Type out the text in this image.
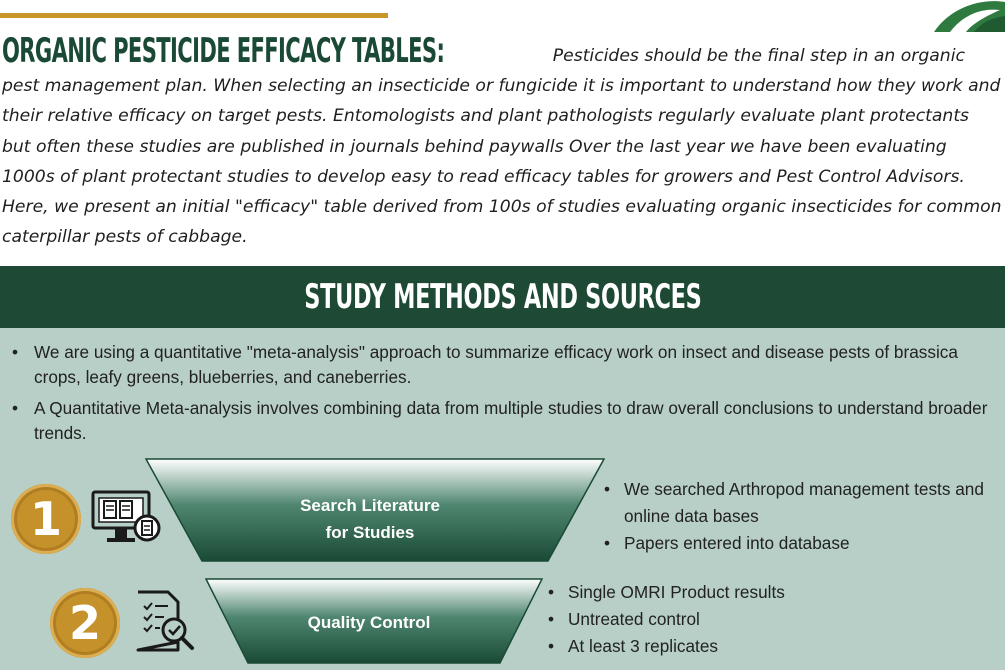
ORGANIC PESTICIDE EFFICACY TABLES:	Pesticides should be the final step in an organic pest management plan. When selecting an insecticide or fungicide it is important to understand how they work and their relative efficacy on target pests. Entomologists and plant pathologists regularly evaluate plant protectants but often these studies are published in journals behind paywalls Over the last year we have been evaluating 1000s of plant protectant studies to develop easy to read efficacy tables for growers and Pest Control Advisors. Here, we present an initial "efficacy" table derived from 100s of studies evaluating organic insecticides for common caterpillar pests of cabbage.

STUDY METHODS AND SOURCES
• We are using a quantitative "meta-analysis" approach to summarize efficacy work on insect and disease pests of brassica crops, leafy greens, blueberries, and caneberries.
• A Quantitative Meta-analysis involves combining data from multiple studies to draw overall conclusions to understand broader trends.
1	Search Literature
for Studies
• We searched Arthropod management tests and online data bases
• Papers entered into database
2	Quality Control
• Single OMRI Product results
• Untreated control
• At least 3 replicates
